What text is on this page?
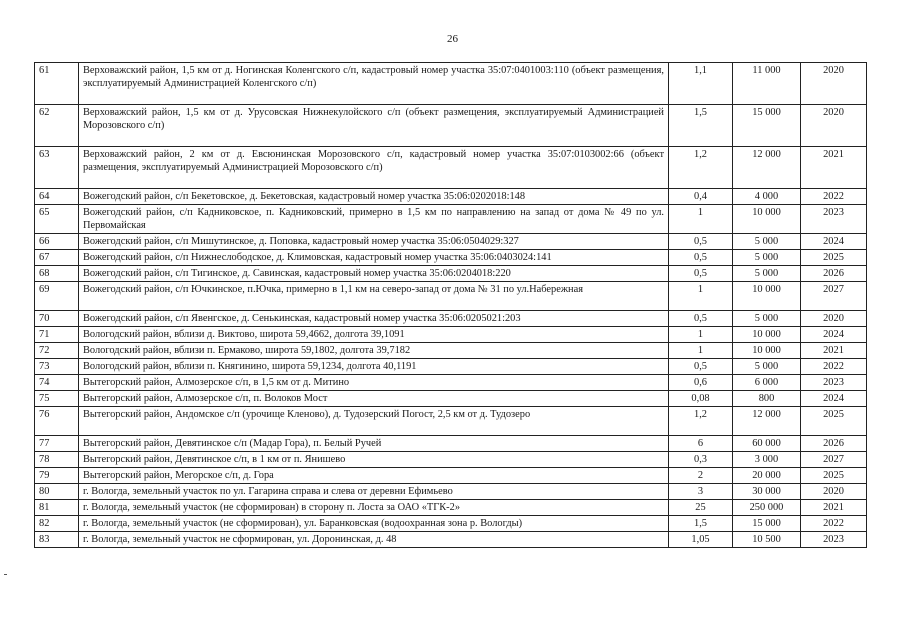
26
61	Верховажский район, 1,5 км от д. Ногинская Коленгского с/п, кадастровый номер участка 35:07:0401003:110 (объект размещения, эксплуатируемый Администрацией Коленгского с/п)	1,1	11 000	2020
62	Верховажский район, 1,5 км от д. Урусовская Нижнекулойского с/п (объект размещения, эксплуатируемый Администрацией Морозовского с/п)	1,5	15 000	2020
63	Верховажский район, 2 км от д. Евсюнинская Морозовского с/п, кадастровый номер участка 35:07:0103002:66 (объект размещения, эксплуатируемый Администрацией Морозовского с/п)	1,2	12 000	2021
64	Вожегодский район, с/п Бекетовское, д. Бекетовская, кадастровый номер участка 35:06:0202018:148	0,4	4 000	2022
65	Вожегодский район, с/п Кадниковское, п. Кадниковский, примерно в 1,5 км по направлению на запад от дома № 49 по ул. Первомайская	1	10 000	2023
66	Вожегодский район, с/п Мишутинское, д. Поповка, кадастровый номер участка 35:06:0504029:327	0,5	5 000	2024
67	Вожегодский район, с/п Нижнеслободское, д. Климовская, кадастровый номер участка 35:06:0403024:141	0,5	5 000	2025
68	Вожегодский район, с/п Тигинское, д. Савинская, кадастровый номер участка 35:06:0204018:220	0,5	5 000	2026
69	Вожегодский район, с/п Ючкинское, п.Ючка, примерно в 1,1 км на северо-запад от дома № 31 по ул.Набережная	1	10 000	2027
70	Вожегодский район, с/п Явенгское, д. Сенькинская, кадастровый номер участка 35:06:0205021:203	0,5	5 000	2020
71	Вологодский район, вблизи д. Виктово, широта 59,4662, долгота 39,1091	1	10 000	2024
72	Вологодский район, вблизи п. Ермаково, широта 59,1802, долгота 39,7182	1	10 000	2021
73	Вологодский район, вблизи п. Княгинино, широта 59,1234, долгота 40,1191	0,5	5 000	2022
74	Вытегорский район, Алмозерское с/п, в 1,5 км от д. Митино	0,6	6 000	2023
75	Вытегорский район, Алмозерское с/п, п. Волоков Мост	0,08	800	2024
76	Вытегорский район, Андомское с/п (урочище Кленово), д. Тудозерский Погост, 2,5 км от д. Тудозеро	1,2	12 000	2025
77	Вытегорский район, Девятинское с/п (Мадар Гора), п. Белый Ручей	6	60 000	2026
78	Вытегорский район, Девятинское с/п, в 1 км от п. Янишево	0,3	3 000	2027
79	Вытегорский район, Мегорское с/п, д. Гора	2	20 000	2025
80	г. Вологда, земельный участок по ул. Гагарина справа и слева от деревни Ефимьево	3	30 000	2020
81	г. Вологда, земельный участок (не сформирован) в сторону п. Лоста за ОАО «ТГК-2»	25	250 000	2021
82	г. Вологда, земельный участок (не сформирован), ул. Баранковская (водоохранная зона р. Вологды)	1,5	15 000	2022
83	г. Вологда, земельный участок не сформирован, ул. Доронинская, д. 48	1,05	10 500	2023
